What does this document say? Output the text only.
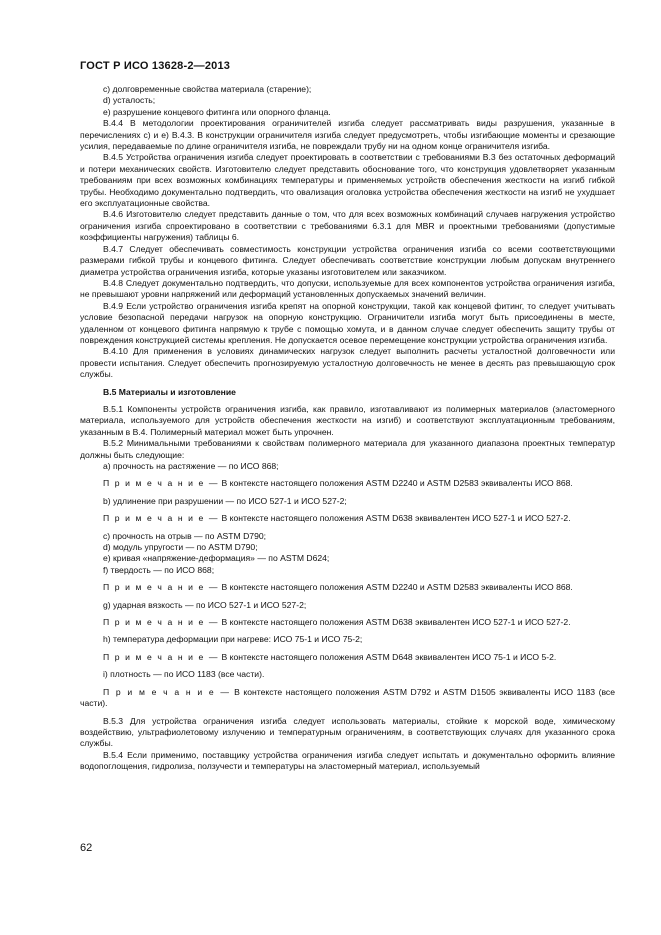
ГОСТ Р ИСО 13628-2—2013

c) долговременные свойства материала (старение);

d) усталость;

e) разрушение концевого фитинга или опорного фланца.

В.4.4 В методологии проектирования ограничителей изгиба следует рассматривать виды разрушения, указанные в перечислениях с) и е) В.4.3. В конструкции ограничителя изгиба следует предусмотреть, чтобы изгибающие моменты и срезающие усилия, передаваемые по длине ограничителя изгиба, не повреждали трубу ни на одном конце ограничителя изгиба.

В.4.5 Устройства ограничения изгиба следует проектировать в соответствии с требованиями В.3 без остаточных деформаций и потери механических свойств. Изготовителю следует представить обоснование того, что конструкция удовлетворяет указанным требованиям при всех возможных комбинациях температуры и применяемых устройств обеспечения жесткости на изгиб гибкой трубы. Необходимо документально подтвердить, что овализация оголовка устройства обеспечения жесткости на изгиб не ухудшает его эксплуатационные свойства.

В.4.6 Изготовителю следует представить данные о том, что для всех возможных комбинаций случаев нагружения устройство ограничения изгиба спроектировано в соответствии с требованиями 6.3.1 для MBR и проектными требованиями (допустимые коэффициенты нагружения) таблицы 6.

В.4.7 Следует обеспечивать совместимость конструкции устройства ограничения изгиба со всеми соответствующими размерами гибкой трубы и концевого фитинга. Следует обеспечивать соответствие конструкции любым допускам внутреннего диаметра устройства ограничения изгиба, которые указаны изготовителем или заказчиком.

В.4.8 Следует документально подтвердить, что допуски, используемые для всех компонентов устройства ограничения изгиба, не превышают уровни напряжений или деформаций установленных допускаемых значений величин.

В.4.9 Если устройство ограничения изгиба крепят на опорной конструкции, такой как концевой фитинг, то следует учитывать условие безопасной передачи нагрузок на опорную конструкцию. Ограничители изгиба могут быть присоединены в месте, удаленном от концевого фитинга напрямую к трубе с помощью хомута, и в данном случае следует обеспечить защиту трубы от повреждения конструкцией системы крепления. Не допускается осевое перемещение конструкции устройства ограничения изгиба.

В.4.10 Для применения в условиях динамических нагрузок следует выполнить расчеты усталостной долговечности или провести испытания. Следует обеспечить прогнозируемую усталостную долговечность не менее в десять раз превышающую срок службы.

В.5 Материалы и изготовление

В.5.1 Компоненты устройств ограничения изгиба, как правило, изготавливают из полимерных материалов (эластомерного материала, используемого для устройств обеспечения жесткости на изгиб) и соответствуют эксплуатационным требованиям, указанным в В.4. Полимерный материал может быть упрочнен.

В.5.2 Минимальными требованиями к свойствам полимерного материала для указанного диапазона проектных температур должны быть следующие:

a) прочность на растяжение — по ИСО 868;

П р и м е ч а н и е — В контексте настоящего положения ASTM D2240 и ASTM D2583 эквиваленты ИСО 868.

b) удлинение при разрушении — по ИСО 527-1 и ИСО 527-2;

П р и м е ч а н и е — В контексте настоящего положения ASTM D638 эквивалентен ИСО 527-1 и ИСО 527-2.

c) прочность на отрыв — по ASTM D790;

d) модуль упругости — по ASTM D790;

e) кривая «напряжение-деформация» — по ASTM D624;

f) твердость — по ИСО 868;

П р и м е ч а н и е — В контексте настоящего положения ASTM D2240 и ASTM D2583 эквиваленты ИСО 868.

g) ударная вязкость — по ИСО 527-1 и ИСО 527-2;

П р и м е ч а н и е — В контексте настоящего положения ASTM D638 эквивалентен ИСО 527-1 и ИСО 527-2.

h) температура деформации при нагреве: ИСО 75-1 и ИСО 75-2;

П р и м е ч а н и е — В контексте настоящего положения ASTM D648 эквивалентен ИСО 75-1 и ИСО 5-2.

i) плотность — по ИСО 1183 (все части).

П р и м е ч а н и е — В контексте настоящего положения ASTM D792 и ASTM D1505 эквиваленты ИСО 1183 (все части).

В.5.3 Для устройства ограничения изгиба следует использовать материалы, стойкие к морской воде, химическому воздействию, ультрафиолетовому излучению и температурным ограничениям, в соответствующих случаях для указанного срока службы.

В.5.4 Если применимо, поставщику устройства ограничения изгиба следует испытать и документально оформить влияние водопоглощения, гидролиза, ползучести и температуры на эластомерный материал, используемый

62
